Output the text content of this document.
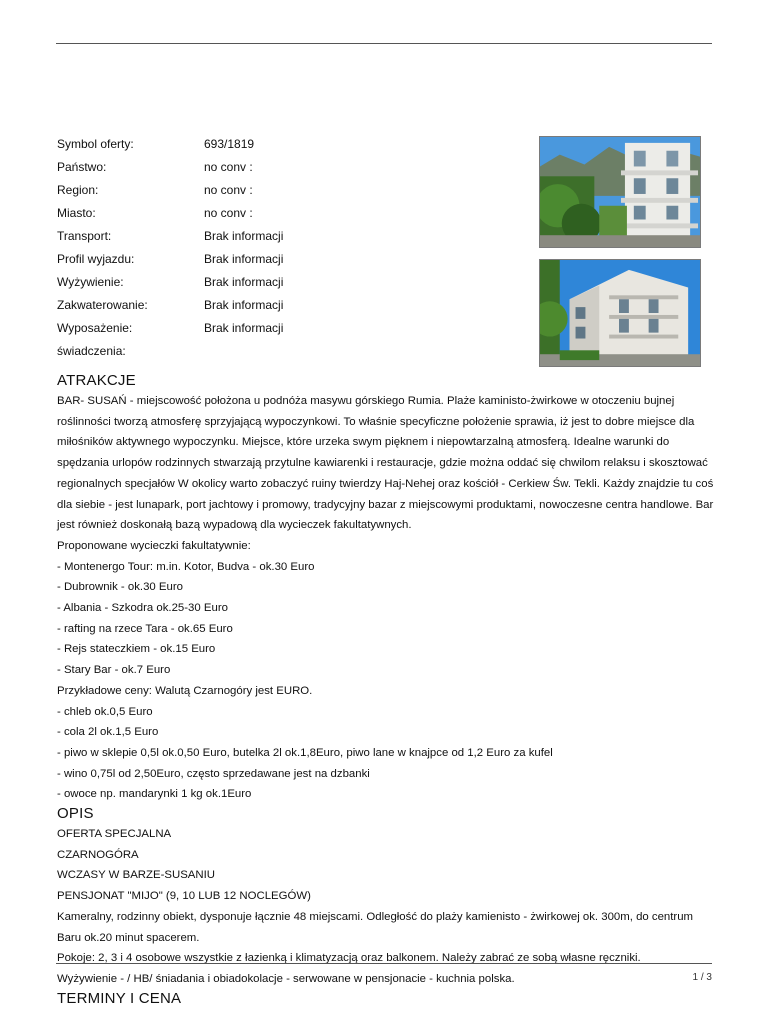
Symbol oferty:	693/1819
Państwo:	no conv :
Region:	no conv :
Miasto:	no conv :
Transport:	Brak informacji
Profil wyjazdu:	Brak informacji
Wyżywienie:	Brak informacji
Zakwaterowanie:	Brak informacji
Wyposażenie:	Brak informacji
świadczenia:
ATRAKCJE

BAR- SUSAŃ - miejscowość położona u podnóża masywu górskiego Rumia. Plaże kaministo-żwirkowe w otoczeniu bujnej roślinności tworzą atmosferę sprzyjającą wypoczynkowi. To właśnie specyficzne położenie sprawia, iż jest to dobre miejsce dla miłośników aktywnego wypoczynku. Miejsce, które urzeka swym pięknem i niepowtarzalną atmosferą. Idealne warunki do spędzania urlopów rodzinnych stwarzają przytulne kawiarenki i restauracje, gdzie można oddać się chwilom relaksu i skosztować regionalnych specjałów W okolicy warto zobaczyć ruiny twierdzy Haj-Nehej oraz kościół - Cerkiew Św. Tekli. Każdy znajdzie tu coś dla siebie - jest lunapark, port jachtowy i promowy, tradycyjny bazar z miejscowymi produktami, nowoczesne centra handlowe. Bar jest również doskonałą bazą wypadową dla wycieczek fakultatywnych.

Proponowane wycieczki fakultatywnie:

- Montenergo Tour: m.in. Kotor, Budva - ok.30 Euro

- Dubrownik - ok.30 Euro

- Albania - Szkodra ok.25-30 Euro

- rafting na rzece Tara - ok.65 Euro

- Rejs stateczkiem - ok.15 Euro

- Stary Bar - ok.7 Euro

Przykładowe ceny: Walutą Czarnogóry jest EURO.

- chleb ok.0,5 Euro

- cola 2l ok.1,5 Euro

- piwo w sklepie 0,5l ok.0,50 Euro, butelka 2l ok.1,8Euro, piwo lane w knajpce od 1,2 Euro za kufel

- wino 0,75l od 2,50Euro, często sprzedawane jest na dzbanki

- owoce np. mandarynki 1 kg ok.1Euro

OPIS

OFERTA SPECJALNA

CZARNOGÓRA

WCZASY W BARZE-SUSANIU

PENSJONAT "MIJO" (9, 10 LUB 12 NOCLEGÓW)

Kameralny, rodzinny obiekt, dysponuje łącznie 48 miejscami. Odległość do plaży kamienisto - żwirkowej ok. 300m, do centrum Baru ok.20 minut spacerem.

Pokoje: 2, 3 i 4 osobowe wszystkie z łazienką i klimatyzacją oraz balkonem. Należy zabrać ze sobą własne ręczniki.

Wyżywienie - / HB/ śniadania i obiadokolacje - serwowane w pensjonacie - kuchnia polska.

TERMINY I CENA
1 / 3
